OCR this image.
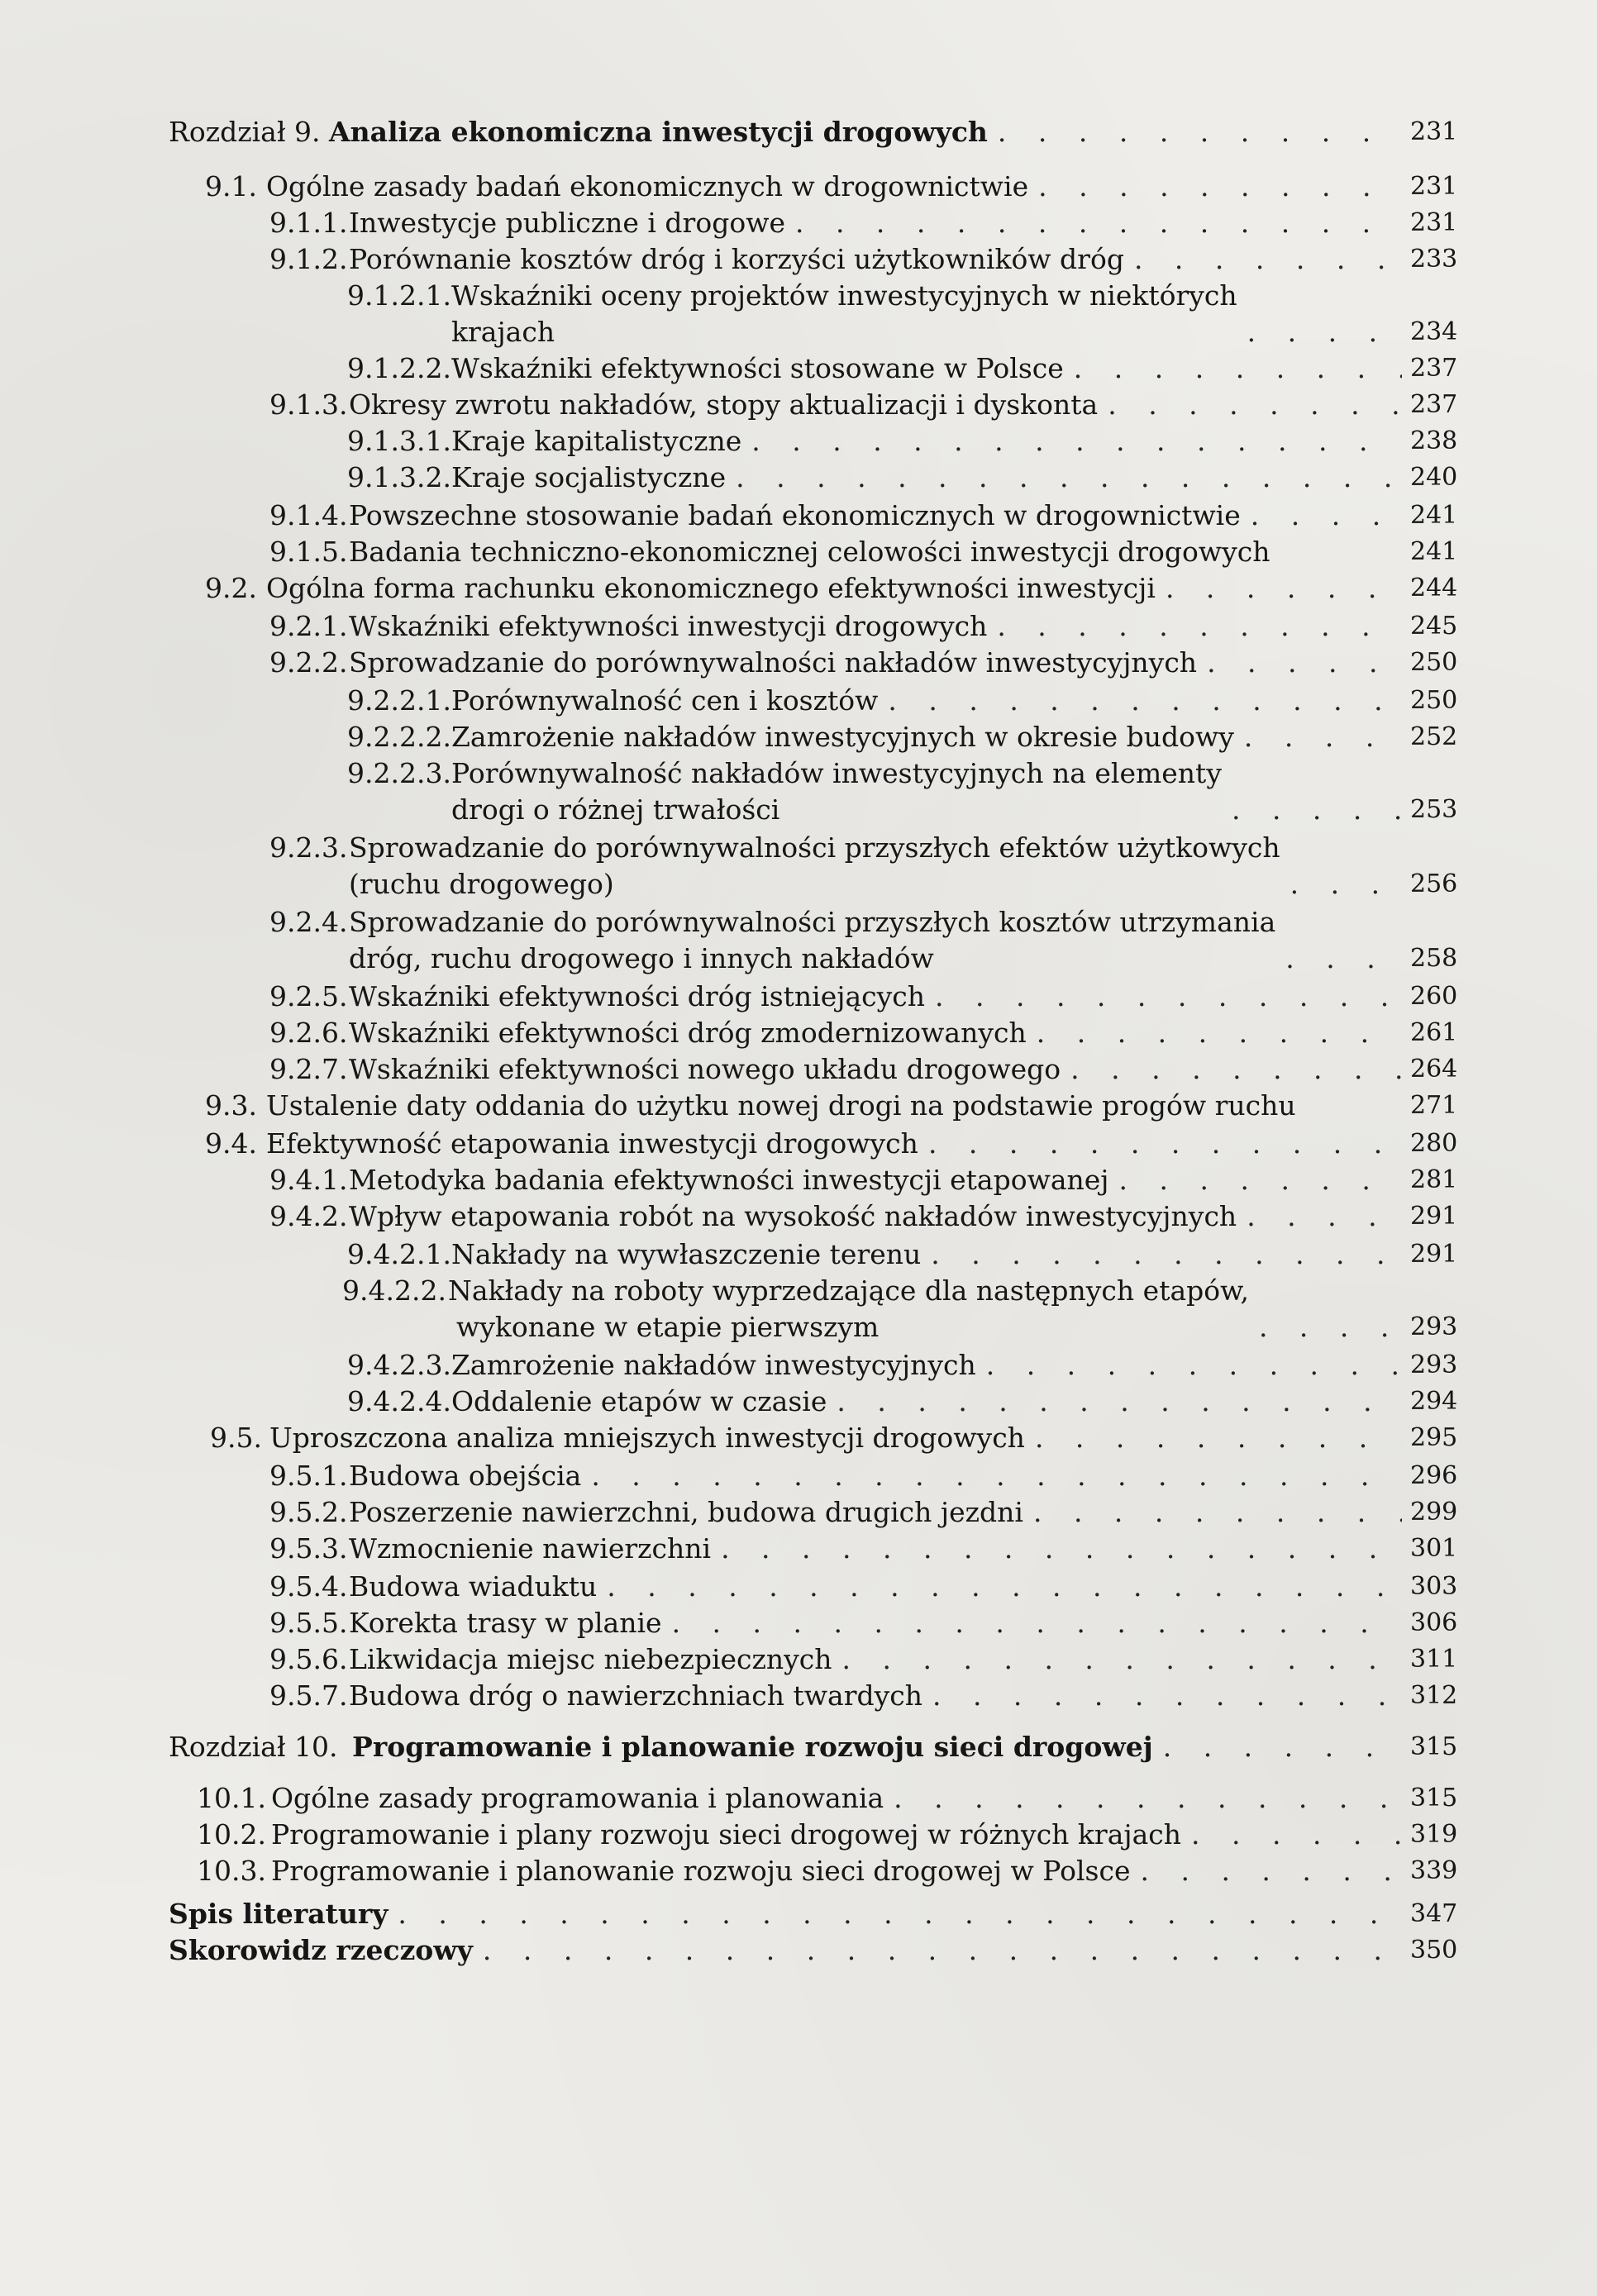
Rozdział 9. Analiza ekonomiczna inwestycji drogowych . . .	231
9.1. Ogólne zasady badań ekonomicznych w drogownictwie . . .	231
9.1.1. Inwestycje publiczne i drogowe . . .	231
9.1.2. Porównanie kosztów dróg i korzyści użytkowników dróg . . .	233
9.1.2.1. Wskaźniki oceny projektów inwestycyjnych w niektórych
krajach . . .	234
9.1.2.2. Wskaźniki efektywności stosowane w Polsce . . .	237
9.1.3. Okresy zwrotu nakładów, stopy aktualizacji i dyskonta . . .	237
9.1.3.1. Kraje kapitalistyczne . . .	238
9.1.3.2. Kraje socjalistyczne . . .	240
9.1.4. Powszechne stosowanie badań ekonomicznych w drogownictwie . . .	241
9.1.5. Badania techniczno-ekonomicznej celowości inwestycji drogowych	241
9.2. Ogólna forma rachunku ekonomicznego efektywności inwestycji . . .	244
9.2.1. Wskaźniki efektywności inwestycji drogowych . . .	245
9.2.2. Sprowadzanie do porównywalności nakładów inwestycyjnych . . .	250
9.2.2.1. Porównywalność cen i kosztów . . .	250
9.2.2.2. Zamrożenie nakładów inwestycyjnych w okresie budowy . . .	252
9.2.2.3. Porównywalność nakładów inwestycyjnych na elementy
drogi o różnej trwałości . . .	253
9.2.3. Sprowadzanie do porównywalności przyszłych efektów użytkowych
(ruchu drogowego) . . .	256
9.2.4. Sprowadzanie do porównywalności przyszłych kosztów utrzymania
dróg, ruchu drogowego i innych nakładów . . .	258
9.2.5. Wskaźniki efektywności dróg istniejących . . .	260
9.2.6. Wskaźniki efektywności dróg zmodernizowanych . . .	261
9.2.7. Wskaźniki efektywności nowego układu drogowego . . .	264
9.3. Ustalenie daty oddania do użytku nowej drogi na podstawie progów ruchu	271
9.4. Efektywność etapowania inwestycji drogowych . . .	280
9.4.1. Metodyka badania efektywności inwestycji etapowanej . . .	281
9.4.2. Wpływ etapowania robót na wysokość nakładów inwestycyjnych . . .	291
9.4.2.1. Nakłady na wywłaszczenie terenu . . .	291
9.4.2.2. Nakłady na roboty wyprzedzające dla następnych etapów,
wykonane w etapie pierwszym . . .	293
9.4.2.3. Zamrożenie nakładów inwestycyjnych . . .	293
9.4.2.4. Oddalenie etapów w czasie . . .	294
9.5. Uproszczona analiza mniejszych inwestycji drogowych . . .	295
9.5.1. Budowa obejścia . . .	296
9.5.2. Poszerzenie nawierzchni, budowa drugich jezdni . . .	299
9.5.3. Wzmocnienie nawierzchni . . .	301
9.5.4. Budowa wiaduktu . . .	303
9.5.5. Korekta trasy w planie . . .	306
9.5.6. Likwidacja miejsc niebezpiecznych . . .	311
9.5.7. Budowa dróg o nawierzchniach twardych . . .	312
Rozdział 10. Programowanie i planowanie rozwoju sieci drogowej . . .	315
10.1. Ogólne zasady programowania i planowania . . .	315
10.2. Programowanie i plany rozwoju sieci drogowej w różnych krajach . . .	319
10.3. Programowanie i planowanie rozwoju sieci drogowej w Polsce . . .	339
Spis literatury . . .	347
Skorowidz rzeczowy . . .	350
